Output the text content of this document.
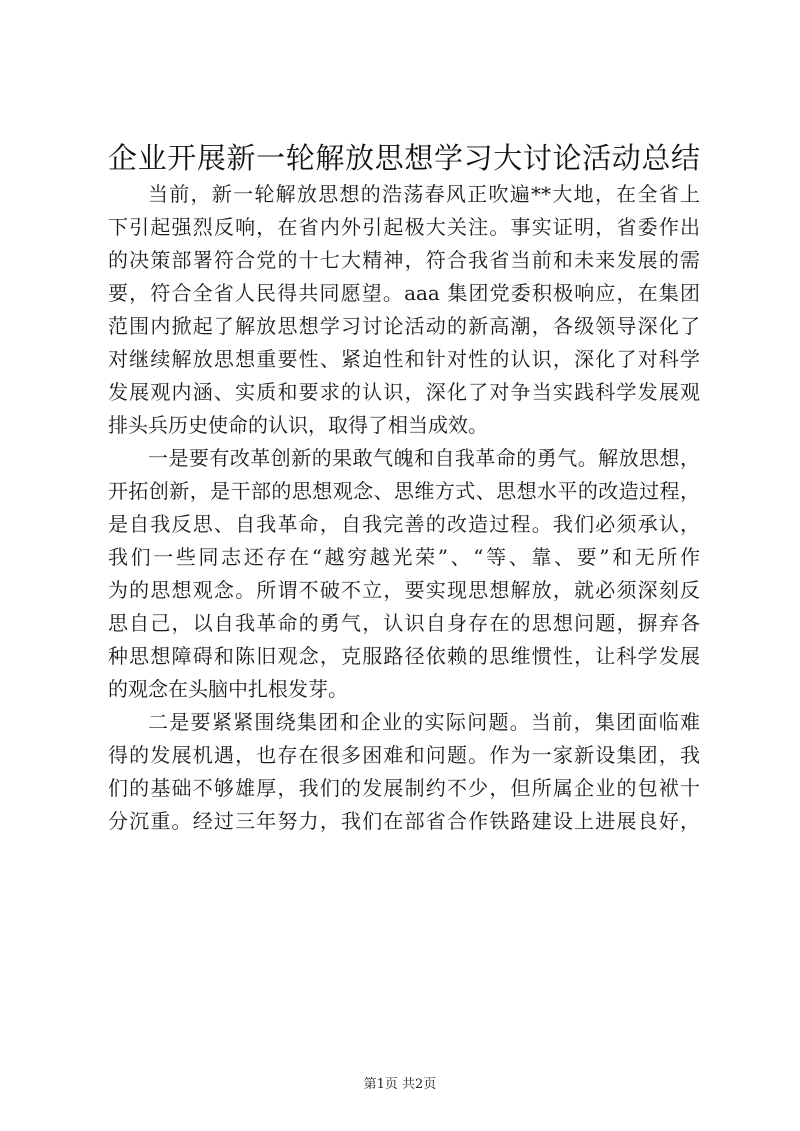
企业开展新一轮解放思想学习大讨论活动总结
当前，新一轮解放思想的浩荡春风正吹遍**大地，在全省上
下引起强烈反响，在省内外引起极大关注。事实证明，省委作出
的决策部署符合党的十七大精神，符合我省当前和未来发展的需
要，符合全省人民得共同愿望。aaa 集团党委积极响应，在集团
范围内掀起了解放思想学习讨论活动的新高潮，各级领导深化了
对继续解放思想重要性、紧迫性和针对性的认识，深化了对科学
发展观内涵、实质和要求的认识，深化了对争当实践科学发展观
排头兵历史使命的认识，取得了相当成效。
一是要有改革创新的果敢气魄和自我革命的勇气。解放思想，
开拓创新，是干部的思想观念、思维方式、思想水平的改造过程，
是自我反思、自我革命，自我完善的改造过程。我们必须承认，
我们一些同志还存在“越穷越光荣”、“等、靠、要”和无所作
为的思想观念。所谓不破不立，要实现思想解放，就必须深刻反
思自己，以自我革命的勇气，认识自身存在的思想问题，摒弃各
种思想障碍和陈旧观念，克服路径依赖的思维惯性，让科学发展
的观念在头脑中扎根发芽。
二是要紧紧围绕集团和企业的实际问题。当前，集团面临难
得的发展机遇，也存在很多困难和问题。作为一家新设集团，我
们的基础不够雄厚，我们的发展制约不少，但所属企业的包袱十
分沉重。经过三年努力，我们在部省合作铁路建设上进展良好，
第1页 共2页
